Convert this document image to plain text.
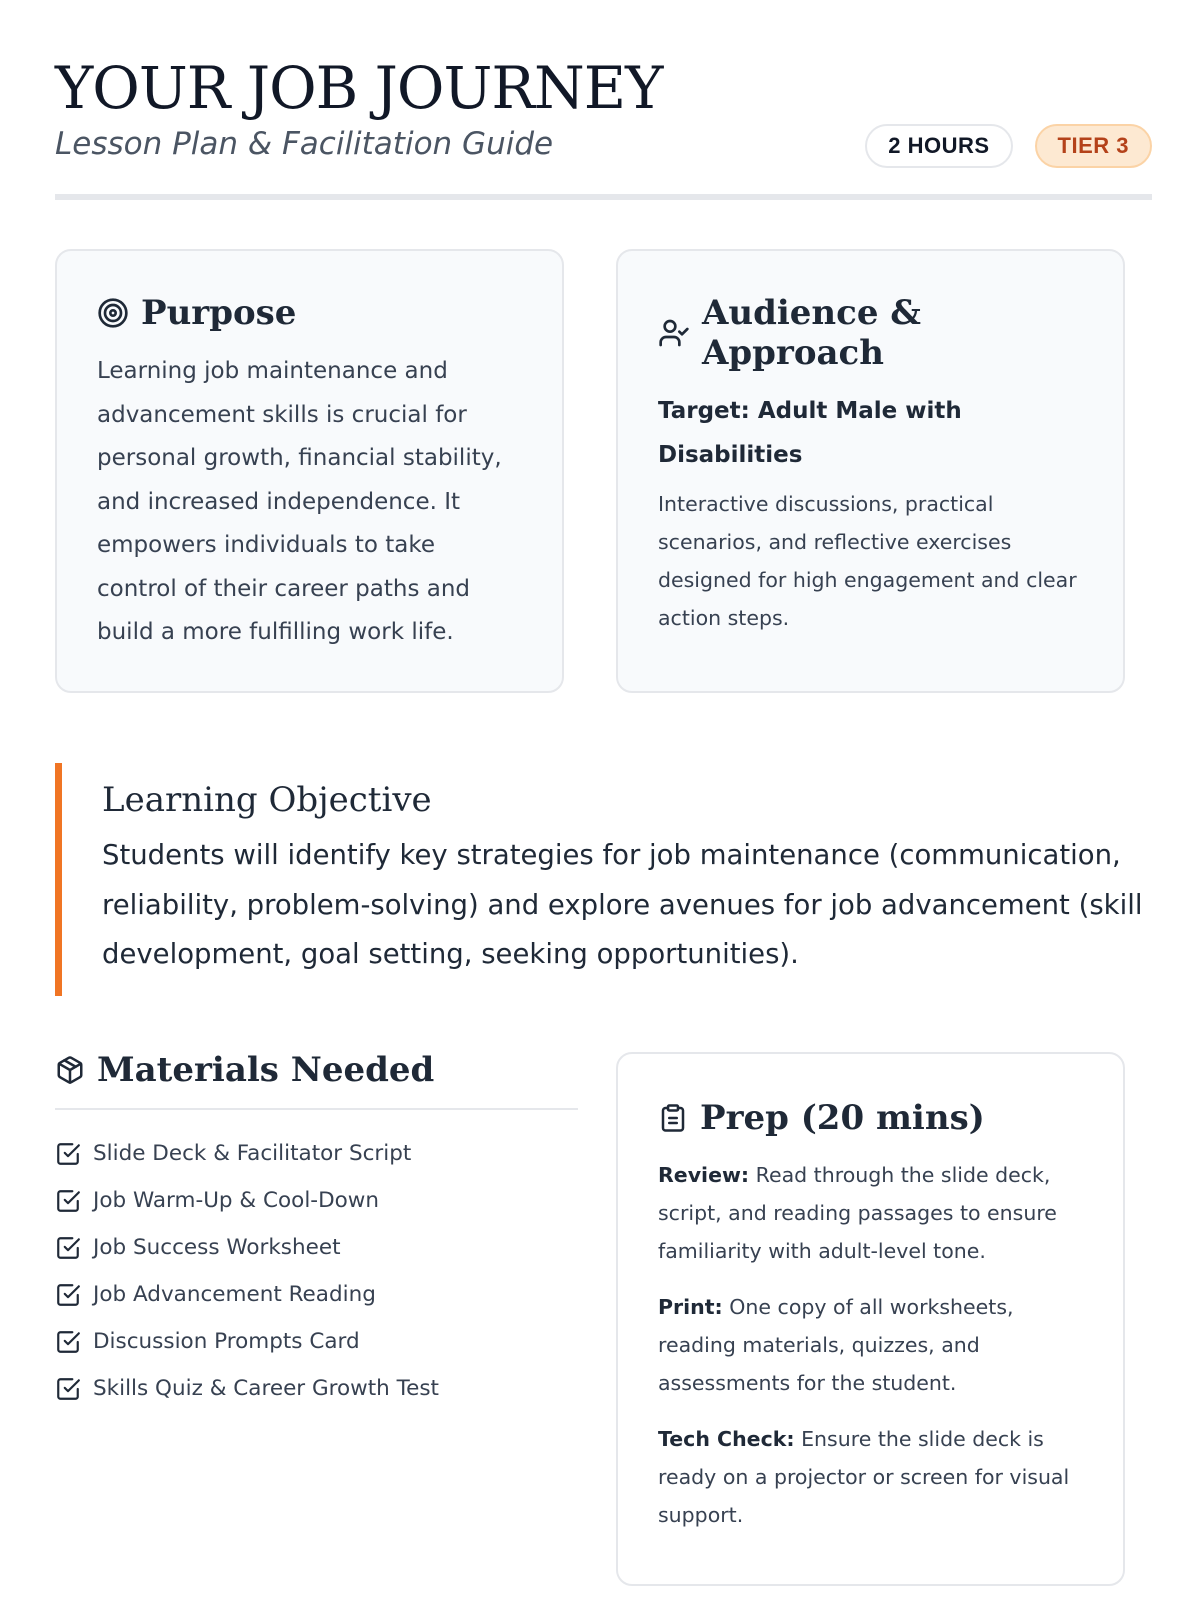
YOUR JOB JOURNEY
Lesson Plan & Facilitation Guide	2 HOURS	TIER 3
Purpose
Learning job maintenance and advancement skills is crucial for personal growth, financial stability, and increased independence. It empowers individuals to take control of their career paths and build a more fulfilling work life.
Audience & Approach
Target: Adult Male with Disabilities
Interactive discussions, practical scenarios, and reflective exercises designed for high engagement and clear action steps.
Learning Objective

Students will identify key strategies for job maintenance (communication, reliability, problem-solving) and explore avenues for job advancement (skill development, goal setting, seeking opportunities).

Materials Needed
Slide Deck & Facilitator Script
Job Warm-Up & Cool-Down
Job Success Worksheet
Job Advancement Reading
Discussion Prompts Card
Skills Quiz & Career Growth Test
Prep (20 mins)
Review: Read through the slide deck, script, and reading passages to ensure familiarity with adult-level tone.
Print: One copy of all worksheets, reading materials, quizzes, and assessments for the student.
Tech Check: Ensure the slide deck is ready on a projector or screen for visual support.
